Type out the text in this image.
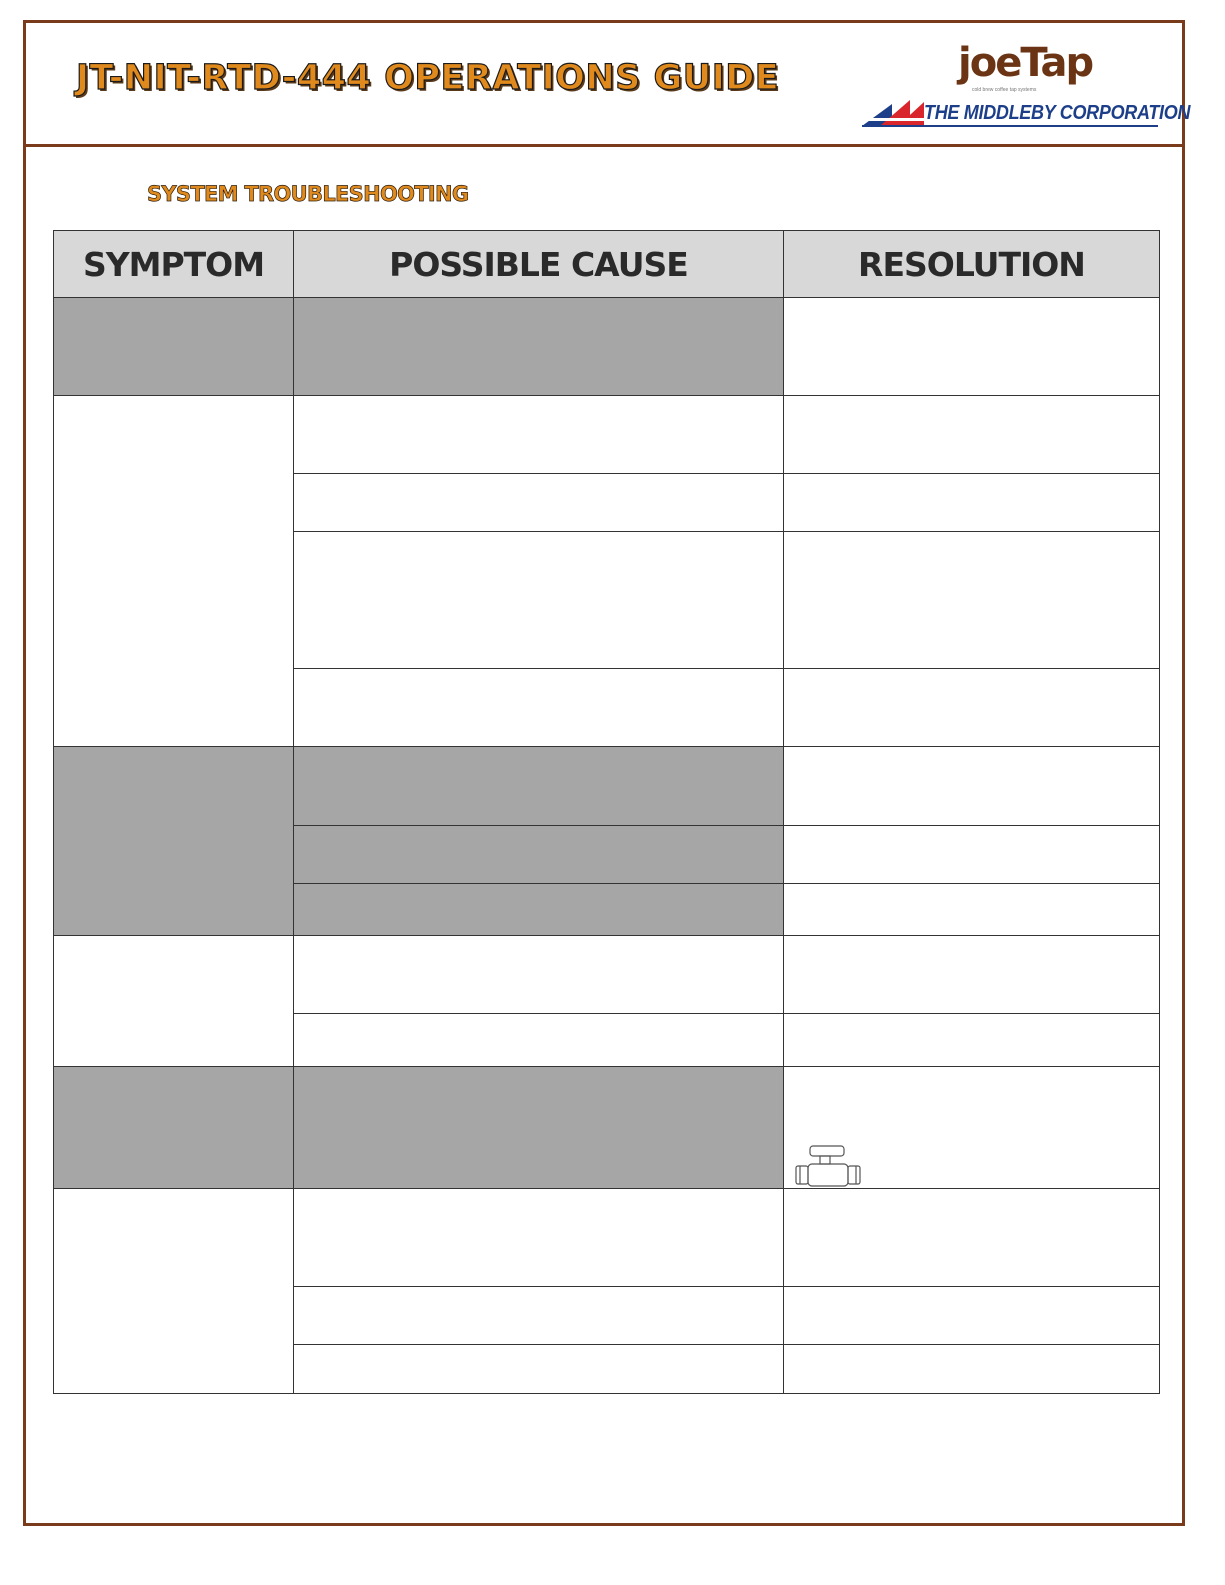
JT-NIT-RTD-444 OPERATIONS GUIDE	joeTap
cold brew coffee tap systems
THE MIDDLEBY CORPORATION
SYSTEM TROUBLESHOOTING
SYMPTOM	POSSIBLE CAUSE	RESOLUTION
